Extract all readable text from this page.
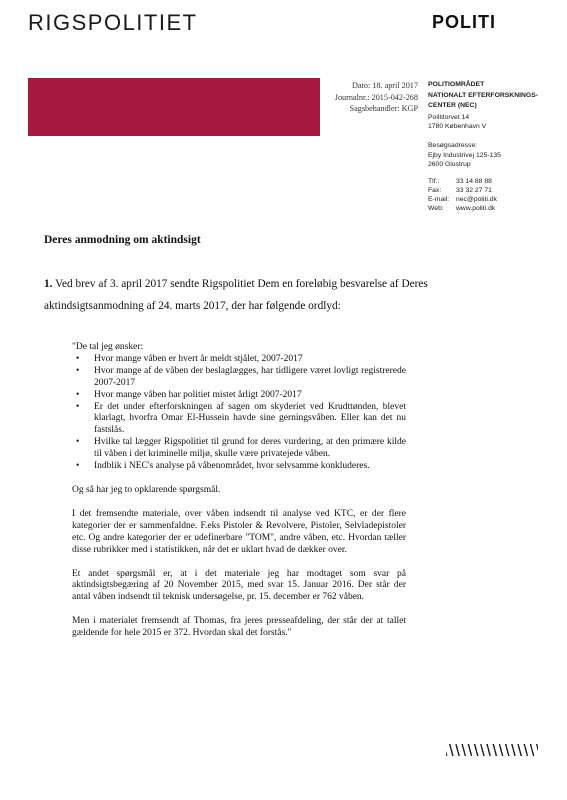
RIGSPOLITIET	POLITI
Dato: 18. april 2017
Journalnr.: 2015-042-268
Sagsbehandler: KGP
POLITIOMRÅDET
NATIONALT EFTERFORSKNINGS-
CENTER (NEC)
Polititorvet 14
1780 København V
Besøgsadresse:
Ejby Industrivej 125-135
2600 Glostrup
Tlf.:	33 14 88 88
Fax:	33 32 27 71
E-mail:	nec@politi.dk
Web:	www.politi.dk
Deres anmodning om aktindsigt
1. Ved brev af 3. april 2017 sendte Rigspolitiet Dem en foreløbig besvarelse af Deres aktindsigtsanmodning af 24. marts 2017, der har følgende ordlyd:

"De tal jeg ønsker:

• Hvor mange våben er hvert år meldt stjålet, 2007-2017
• Hvor mange af de våben der beslaglægges, har tidligere været lovligt registrerede 2007-2017
• Hvor mange våben har politiet mistet årligt 2007-2017
• Er det under efterforskningen af sagen om skyderiet ved Krudttønden, blevet klarlagt, hvorfra Omar El-Hussein havde sine gerningsvåben. Eller kan det nu fastslås.
• Hvilke tal lægger Rigspolitiet til grund for deres vurdering, at den primære kilde til våben i det kriminelle miljø, skulle være privatejede våben.
• Indblik i NEC's analyse på våbenområdet, hvor selvsamme konkluderes.

Og så har jeg to opklarende spørgsmål.

I det fremsendte materiale, over våben indsendt til analyse ved KTC, er der flere kategorier der er sammenfaldne. F.eks Pistoler & Revolvere, Pistoler, Selvladepistoler etc. Og andre kategorier der er udefinerbare "TOM", andre våben, etc. Hvordan tæller disse rubrikker med i statistikken, når det er uklart hvad de dækker over.

Et andet spørgsmål er, at i det materiale jeg har modtaget som svar på aktindsigtsbegæring af 20 November 2015, med svar 15. Januar 2016. Der står der antal våben indsendt til teknisk undersøgelse, pr. 15. december er 762 våben.

Men i materialet fremsendt af Thomas, fra jeres presseafdeling, der står der at tallet gældende for hele 2015 er 372. Hvordan skal det forstås."
